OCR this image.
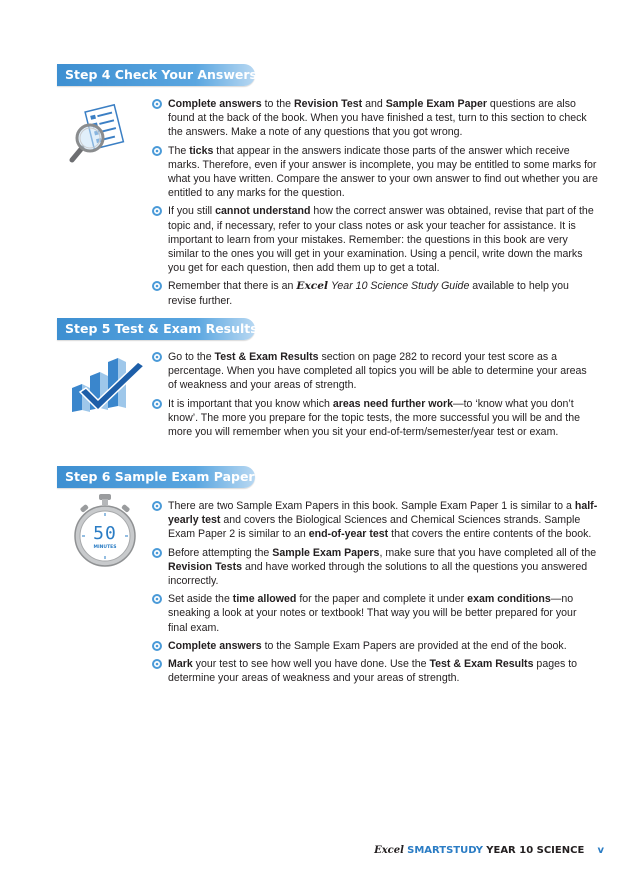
Step 4 Check Your Answers
Complete answers to the Revision Test and Sample Exam Paper questions are also found at the back of the book. When you have finished a test, turn to this section to check the answers. Make a note of any questions that you got wrong.
The ticks that appear in the answers indicate those parts of the answer which receive marks. Therefore, even if your answer is incomplete, you may be entitled to some marks for what you have written. Compare the answer to your own answer to find out whether you are entitled to any marks for the question.
If you still cannot understand how the correct answer was obtained, revise that part of the topic and, if necessary, refer to your class notes or ask your teacher for assistance. It is important to learn from your mistakes. Remember: the questions in this book are very similar to the ones you will get in your examination. Using a pencil, write down the marks you get for each question, then add them up to get a total.
Remember that there is an Excel Year 10 Science Study Guide available to help you revise further.
Step 5 Test & Exam Results
Go to the Test & Exam Results section on page 282 to record your test score as a percentage. When you have completed all topics you will be able to determine your areas of weakness and your areas of strength.
It is important that you know which areas need further work—to ‘know what you don’t know’. The more you prepare for the topic tests, the more successful you will be and the more you will remember when you sit your end-of-term/semester/year test or exam.
Step 6 Sample Exam Papers
50
MINUTES
There are two Sample Exam Papers in this book. Sample Exam Paper 1 is similar to a half-yearly test and covers the Biological Sciences and Chemical Sciences strands. Sample Exam Paper 2 is similar to an end-of-year test that covers the entire contents of the book.
Before attempting the Sample Exam Papers, make sure that you have completed all of the Revision Tests and have worked through the solutions to all the questions you answered incorrectly.
Set aside the time allowed for the paper and complete it under exam conditions—no sneaking a look at your notes or textbook! That way you will be better prepared for your final exam.
Complete answers to the Sample Exam Papers are provided at the end of the book.
Mark your test to see how well you have done. Use the Test & Exam Results pages to determine your areas of weakness and your areas of strength.
Excel SMARTSTUDY YEAR 10 SCIENCE v
